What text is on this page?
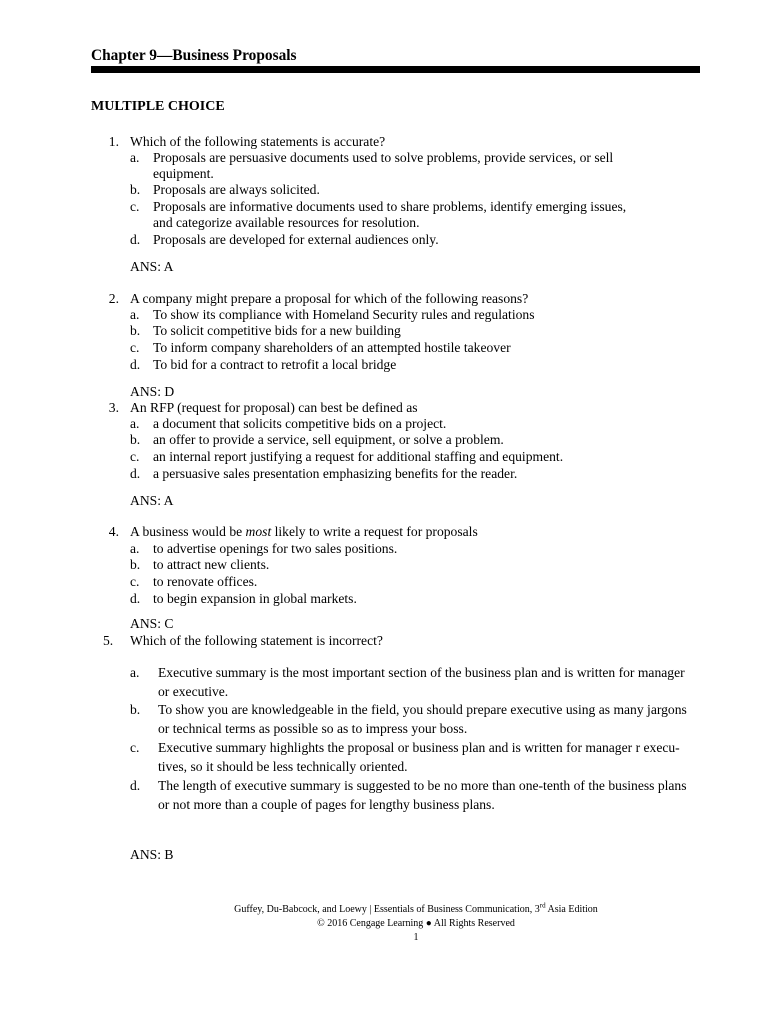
Chapter 9—Business Proposals
MULTIPLE CHOICE
1. Which of the following statements is accurate?
a. Proposals are persuasive documents used to solve problems, provide services, or sell
equipment.
b. Proposals are always solicited.
c. Proposals are informative documents used to share problems, identify emerging issues,
and categorize available resources for resolution.
d. Proposals are developed for external audiences only.
ANS: A
2. A company might prepare a proposal for which of the following reasons?
a. To show its compliance with Homeland Security rules and regulations
b. To solicit competitive bids for a new building
c. To inform company shareholders of an attempted hostile takeover
d. To bid for a contract to retrofit a local bridge
ANS: D
3. An RFP (request for proposal) can best be defined as
a. a document that solicits competitive bids on a project.
b. an offer to provide a service, sell equipment, or solve a problem.
c. an internal report justifying a request for additional staffing and equipment.
d. a persuasive sales presentation emphasizing benefits for the reader.
ANS: A
4. A business would be most likely to write a request for proposals
a. to advertise openings for two sales positions.
b. to attract new clients.
c. to renovate offices.
d. to begin expansion in global markets.
ANS: C
5. Which of the following statement is incorrect?
a.	Executive summary is the most important section of the business plan and is written for manager
or executive.
b.	To show you are knowledgeable in the field, you should prepare executive using as many jargons
or technical terms as possible so as to impress your boss.
c.	Executive summary highlights the proposal or business plan and is written for manager r execu-
tives, so it should be less technically oriented.
d.	The length of executive summary is suggested to be no more than one-tenth of the business plans
or not more than a couple of pages for lengthy business plans.
ANS: B
Guffey, Du-Babcock, and Loewy | Essentials of Business Communication, 3rd Asia Edition
© 2016 Cengage Learning ● All Rights Reserved
1
